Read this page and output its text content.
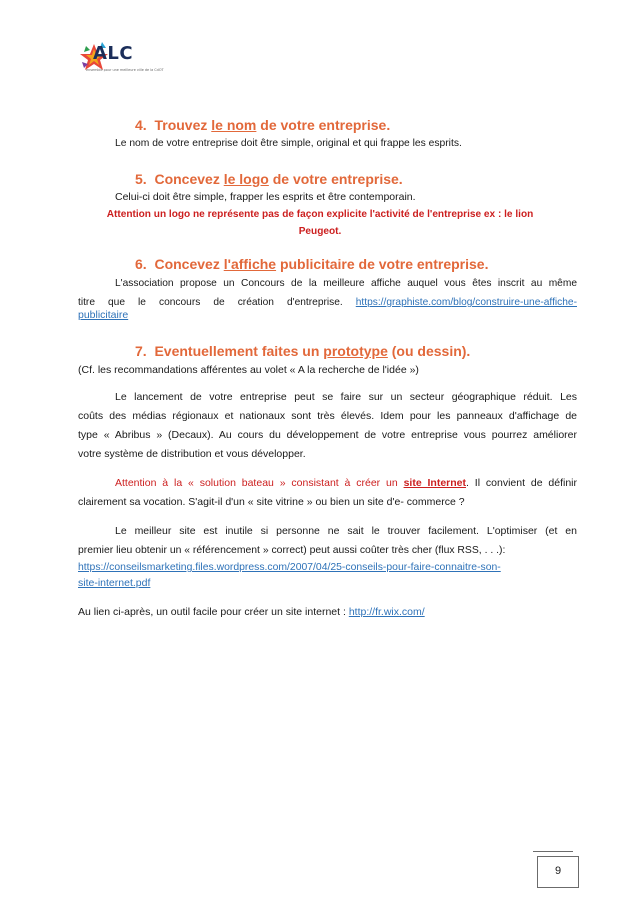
ALC
ensemble pour une meilleure ville de la CdOT
4. Trouvez le nom de votre entreprise.
Le nom de votre entreprise doit être simple, original et qui frappe les esprits.
5. Concevez le logo de votre entreprise.
Celui-ci doit être simple, frapper les esprits et être contemporain.
Attention un logo ne représente pas de façon explicite l'activité de l'entreprise ex : le lion
Peugeot.
6. Concevez l'affiche publicitaire de votre entreprise.
L'association propose un Concours de la meilleure affiche auquel vous êtes inscrit au même
titre que le concours de création d'entreprise. https://graphiste.com/blog/construire-une-affiche-
publicitaire
7. Eventuellement faites un prototype (ou dessin).
(Cf. les recommandations afférentes au volet « A la recherche de l'idée »)
Le lancement de votre entreprise peut se faire sur un secteur géographique réduit. Les
coûts des médias régionaux et nationaux sont très élevés. Idem pour les panneaux d'affichage de
type « Abribus » (Decaux). Au cours du développement de votre entreprise vous pourrez améliorer
votre système de distribution et vous développer.
Attention à la « solution bateau » consistant à créer un site Internet. Il convient de définir
clairement sa vocation. S'agit-il d'un « site vitrine » ou bien un site d'e- commerce ?
Le meilleur site est inutile si personne ne sait le trouver facilement. L'optimiser (et en
premier lieu obtenir un « référencement » correct) peut aussi coûter très cher (flux RSS, . . .):
https://conseilsmarketing.files.wordpress.com/2007/04/25-conseils-pour-faire-connaitre-son-
site-internet.pdf
Au lien ci-après, un outil facile pour créer un site internet : http://fr.wix.com/
9
